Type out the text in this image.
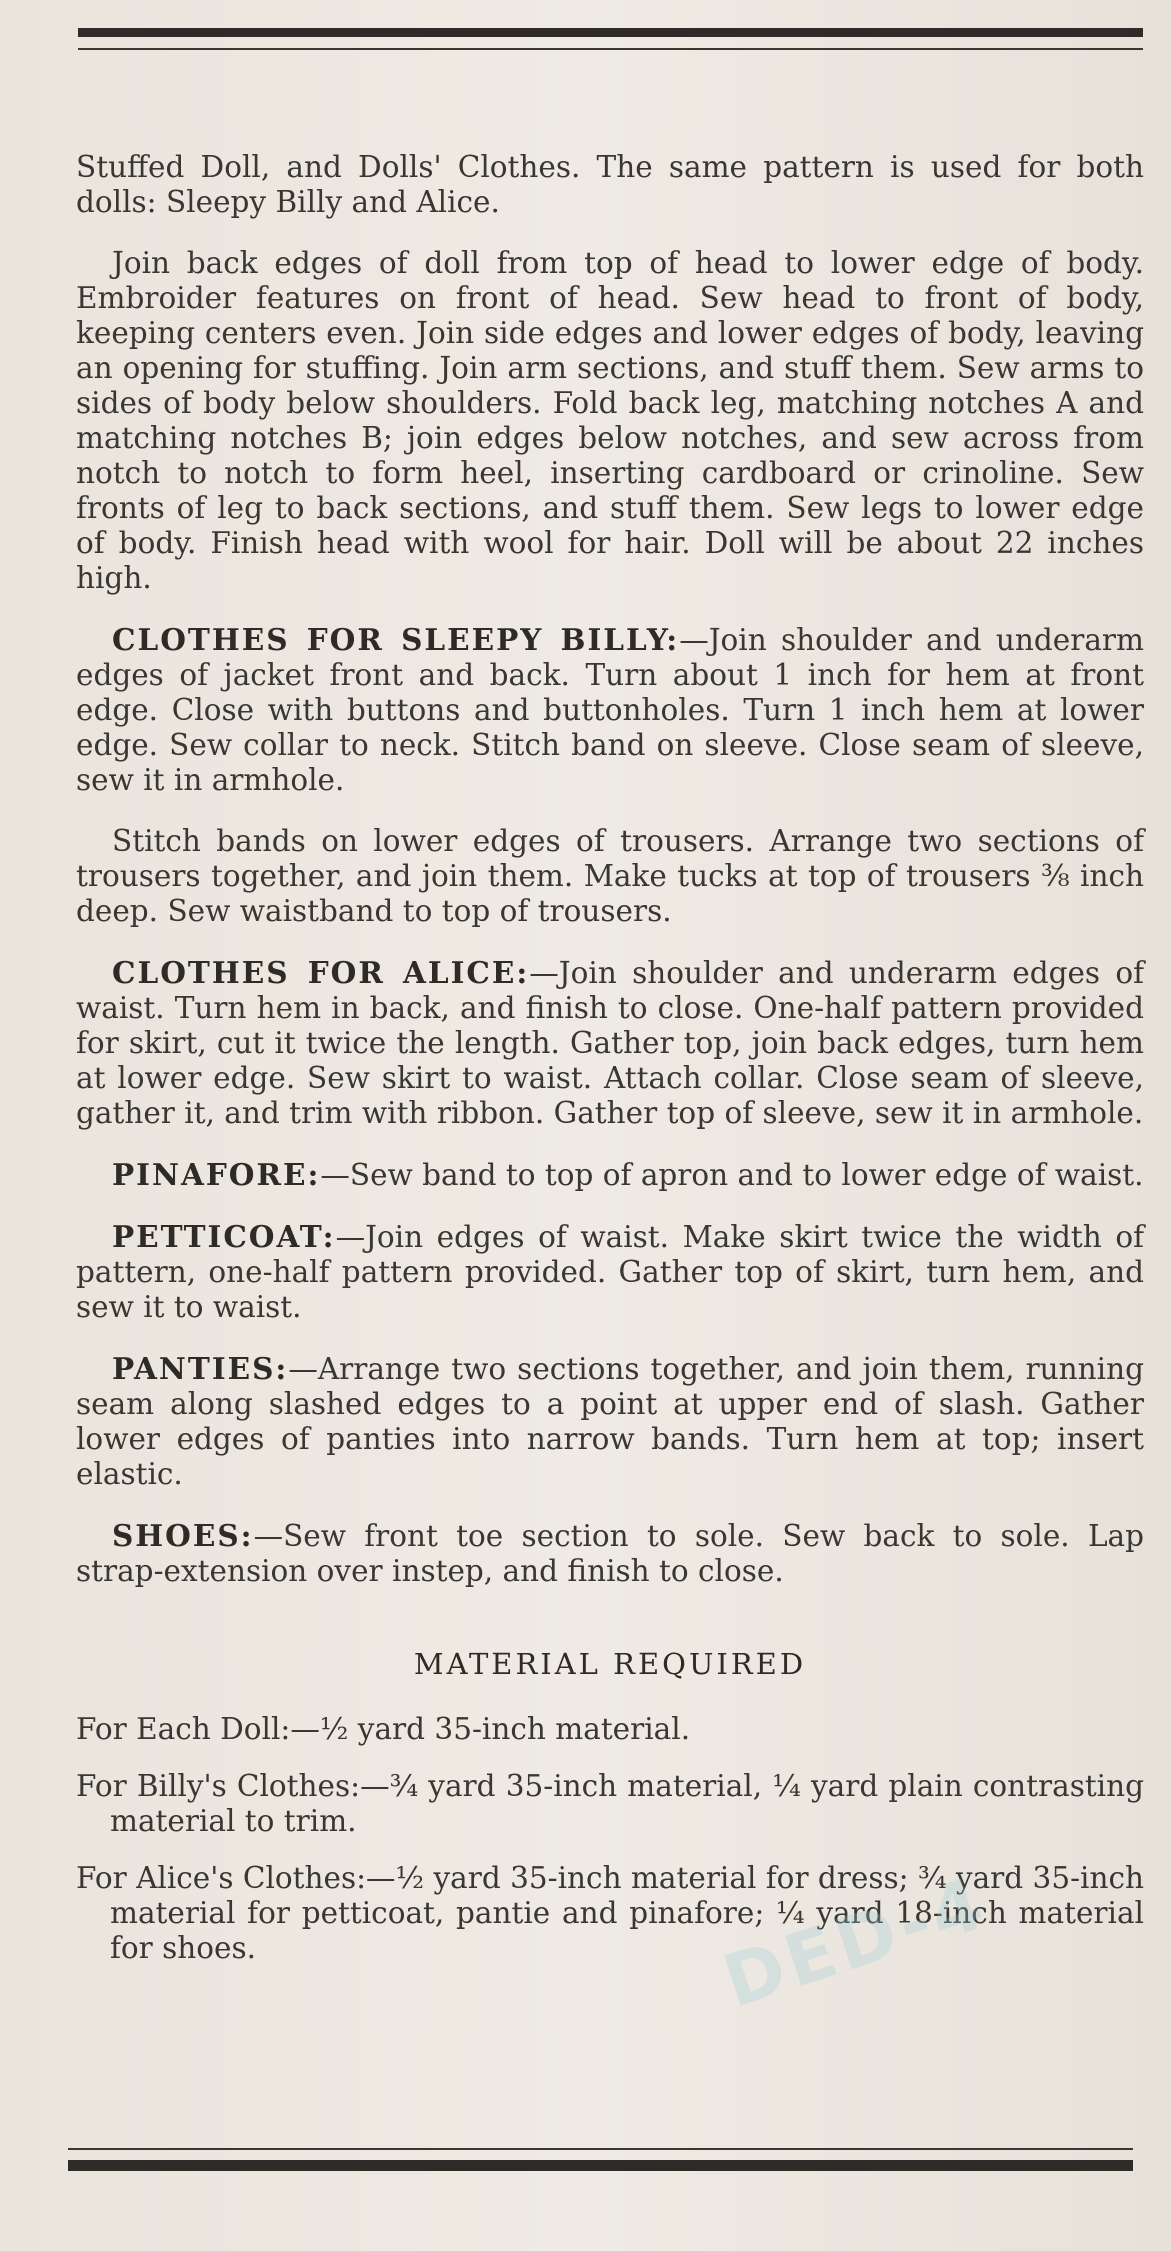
Stuffed Doll, and Dolls' Clothes. The same pattern is used for both dolls: Sleepy Billy and Alice.

Join back edges of doll from top of head to lower edge of body. Embroider features on front of head. Sew head to front of body, keeping centers even. Join side edges and lower edges of body, leaving an opening for stuffing. Join arm sections, and stuff them. Sew arms to sides of body below shoulders. Fold back leg, matching notches A and matching notches B; join edges below notches, and sew across from notch to notch to form heel, inserting cardboard or crinoline. Sew fronts of leg to back sections, and stuff them. Sew legs to lower edge of body. Finish head with wool for hair. Doll will be about 22 inches high.

CLOTHES FOR SLEEPY BILLY:—Join shoulder and underarm edges of jacket front and back. Turn about 1 inch for hem at front edge. Close with buttons and buttonholes. Turn 1 inch hem at lower edge. Sew collar to neck. Stitch band on sleeve. Close seam of sleeve, sew it in armhole.

Stitch bands on lower edges of trousers. Arrange two sections of trousers together, and join them. Make tucks at top of trousers ⅜ inch deep. Sew waistband to top of trousers.

CLOTHES FOR ALICE:—Join shoulder and underarm edges of waist. Turn hem in back, and finish to close. One-half pattern provided for skirt, cut it twice the length. Gather top, join back edges, turn hem at lower edge. Sew skirt to waist. Attach collar. Close seam of sleeve, gather it, and trim with ribbon. Gather top of sleeve, sew it in armhole.

PINAFORE:—Sew band to top of apron and to lower edge of waist.

PETTICOAT:—Join edges of waist. Make skirt twice the width of pattern, one-half pattern provided. Gather top of skirt, turn hem, and sew it to waist.

PANTIES:—Arrange two sections together, and join them, running seam along slashed edges to a point at upper end of slash. Gather lower edges of panties into narrow bands. Turn hem at top; insert elastic.

SHOES:—Sew front toe section to sole. Sew back to sole. Lap strap-extension over instep, and finish to close.

MATERIAL REQUIRED

For Each Doll:—½ yard 35-inch material.

For Billy's Clothes:—¾ yard 35-inch material, ¼ yard plain contrasting material to trim.

For Alice's Clothes:—½ yard 35-inch material for dress; ¾ yard 35-inch material for petticoat, pantie and pinafore; ¼ yard 18-inch material for shoes.	DED-4
